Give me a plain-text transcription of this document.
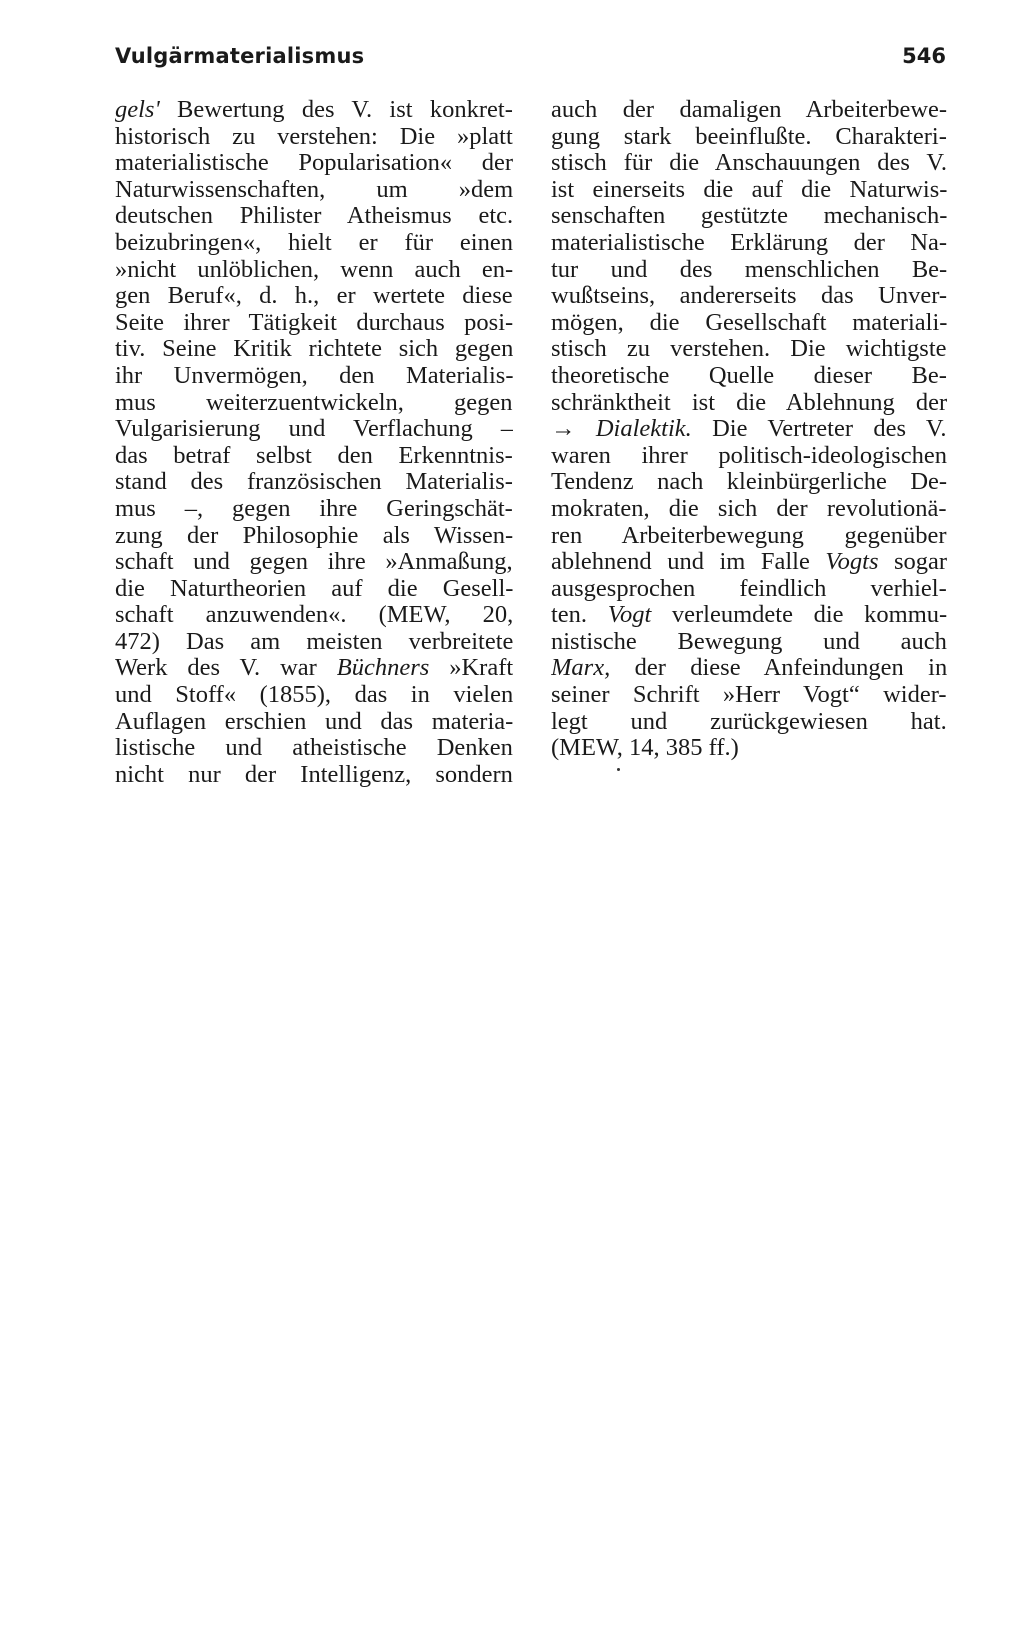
Vulgärmaterialismus	546
gels' Bewertung des V. ist konkret-
historisch zu verstehen: Die »platt
materialistische Popularisation« der
Naturwissenschaften, um »dem
deutschen Philister Atheismus etc.
beizubringen«, hielt er für einen
»nicht unlöblichen, wenn auch en-
gen Beruf«, d. h., er wertete diese
Seite ihrer Tätigkeit durchaus posi-
tiv. Seine Kritik richtete sich gegen
ihr Unvermögen, den Materialis-
mus weiterzuentwickeln, gegen
Vulgarisierung und Verflachung –
das betraf selbst den Erkenntnis-
stand des französischen Materialis-
mus –, gegen ihre Geringschät-
zung der Philosophie als Wissen-
schaft und gegen ihre »Anmaßung,
die Naturtheorien auf die Gesell-
schaft anzuwenden«. (MEW, 20,
472) Das am meisten verbreitete
Werk des V. war Büchners »Kraft
und Stoff« (1855), das in vielen
Auflagen erschien und das materia-
listische und atheistische Denken
nicht nur der Intelligenz, sondern
auch der damaligen Arbeiterbewe-
gung stark beeinflußte. Charakteri-
stisch für die Anschauungen des V.
ist einerseits die auf die Naturwis-
senschaften gestützte mechanisch-
materialistische Erklärung der Na-
tur und des menschlichen Be-
wußtseins, andererseits das Unver-
mögen, die Gesellschaft materiali-
stisch zu verstehen. Die wichtigste
theoretische Quelle dieser Be-
schränktheit ist die Ablehnung der
→ Dialektik. Die Vertreter des V.
waren ihrer politisch-ideologischen
Tendenz nach kleinbürgerliche De-
mokraten, die sich der revolutionä-
ren Arbeiterbewegung gegenüber
ablehnend und im Falle Vogts sogar
ausgesprochen feindlich verhiel-
ten. Vogt verleumdete die kommu-
nistische Bewegung und auch
Marx, der diese Anfeindungen in
seiner Schrift »Herr Vogt“ wider-
legt und zurückgewiesen hat.
(MEW, 14, 385 ff.)
